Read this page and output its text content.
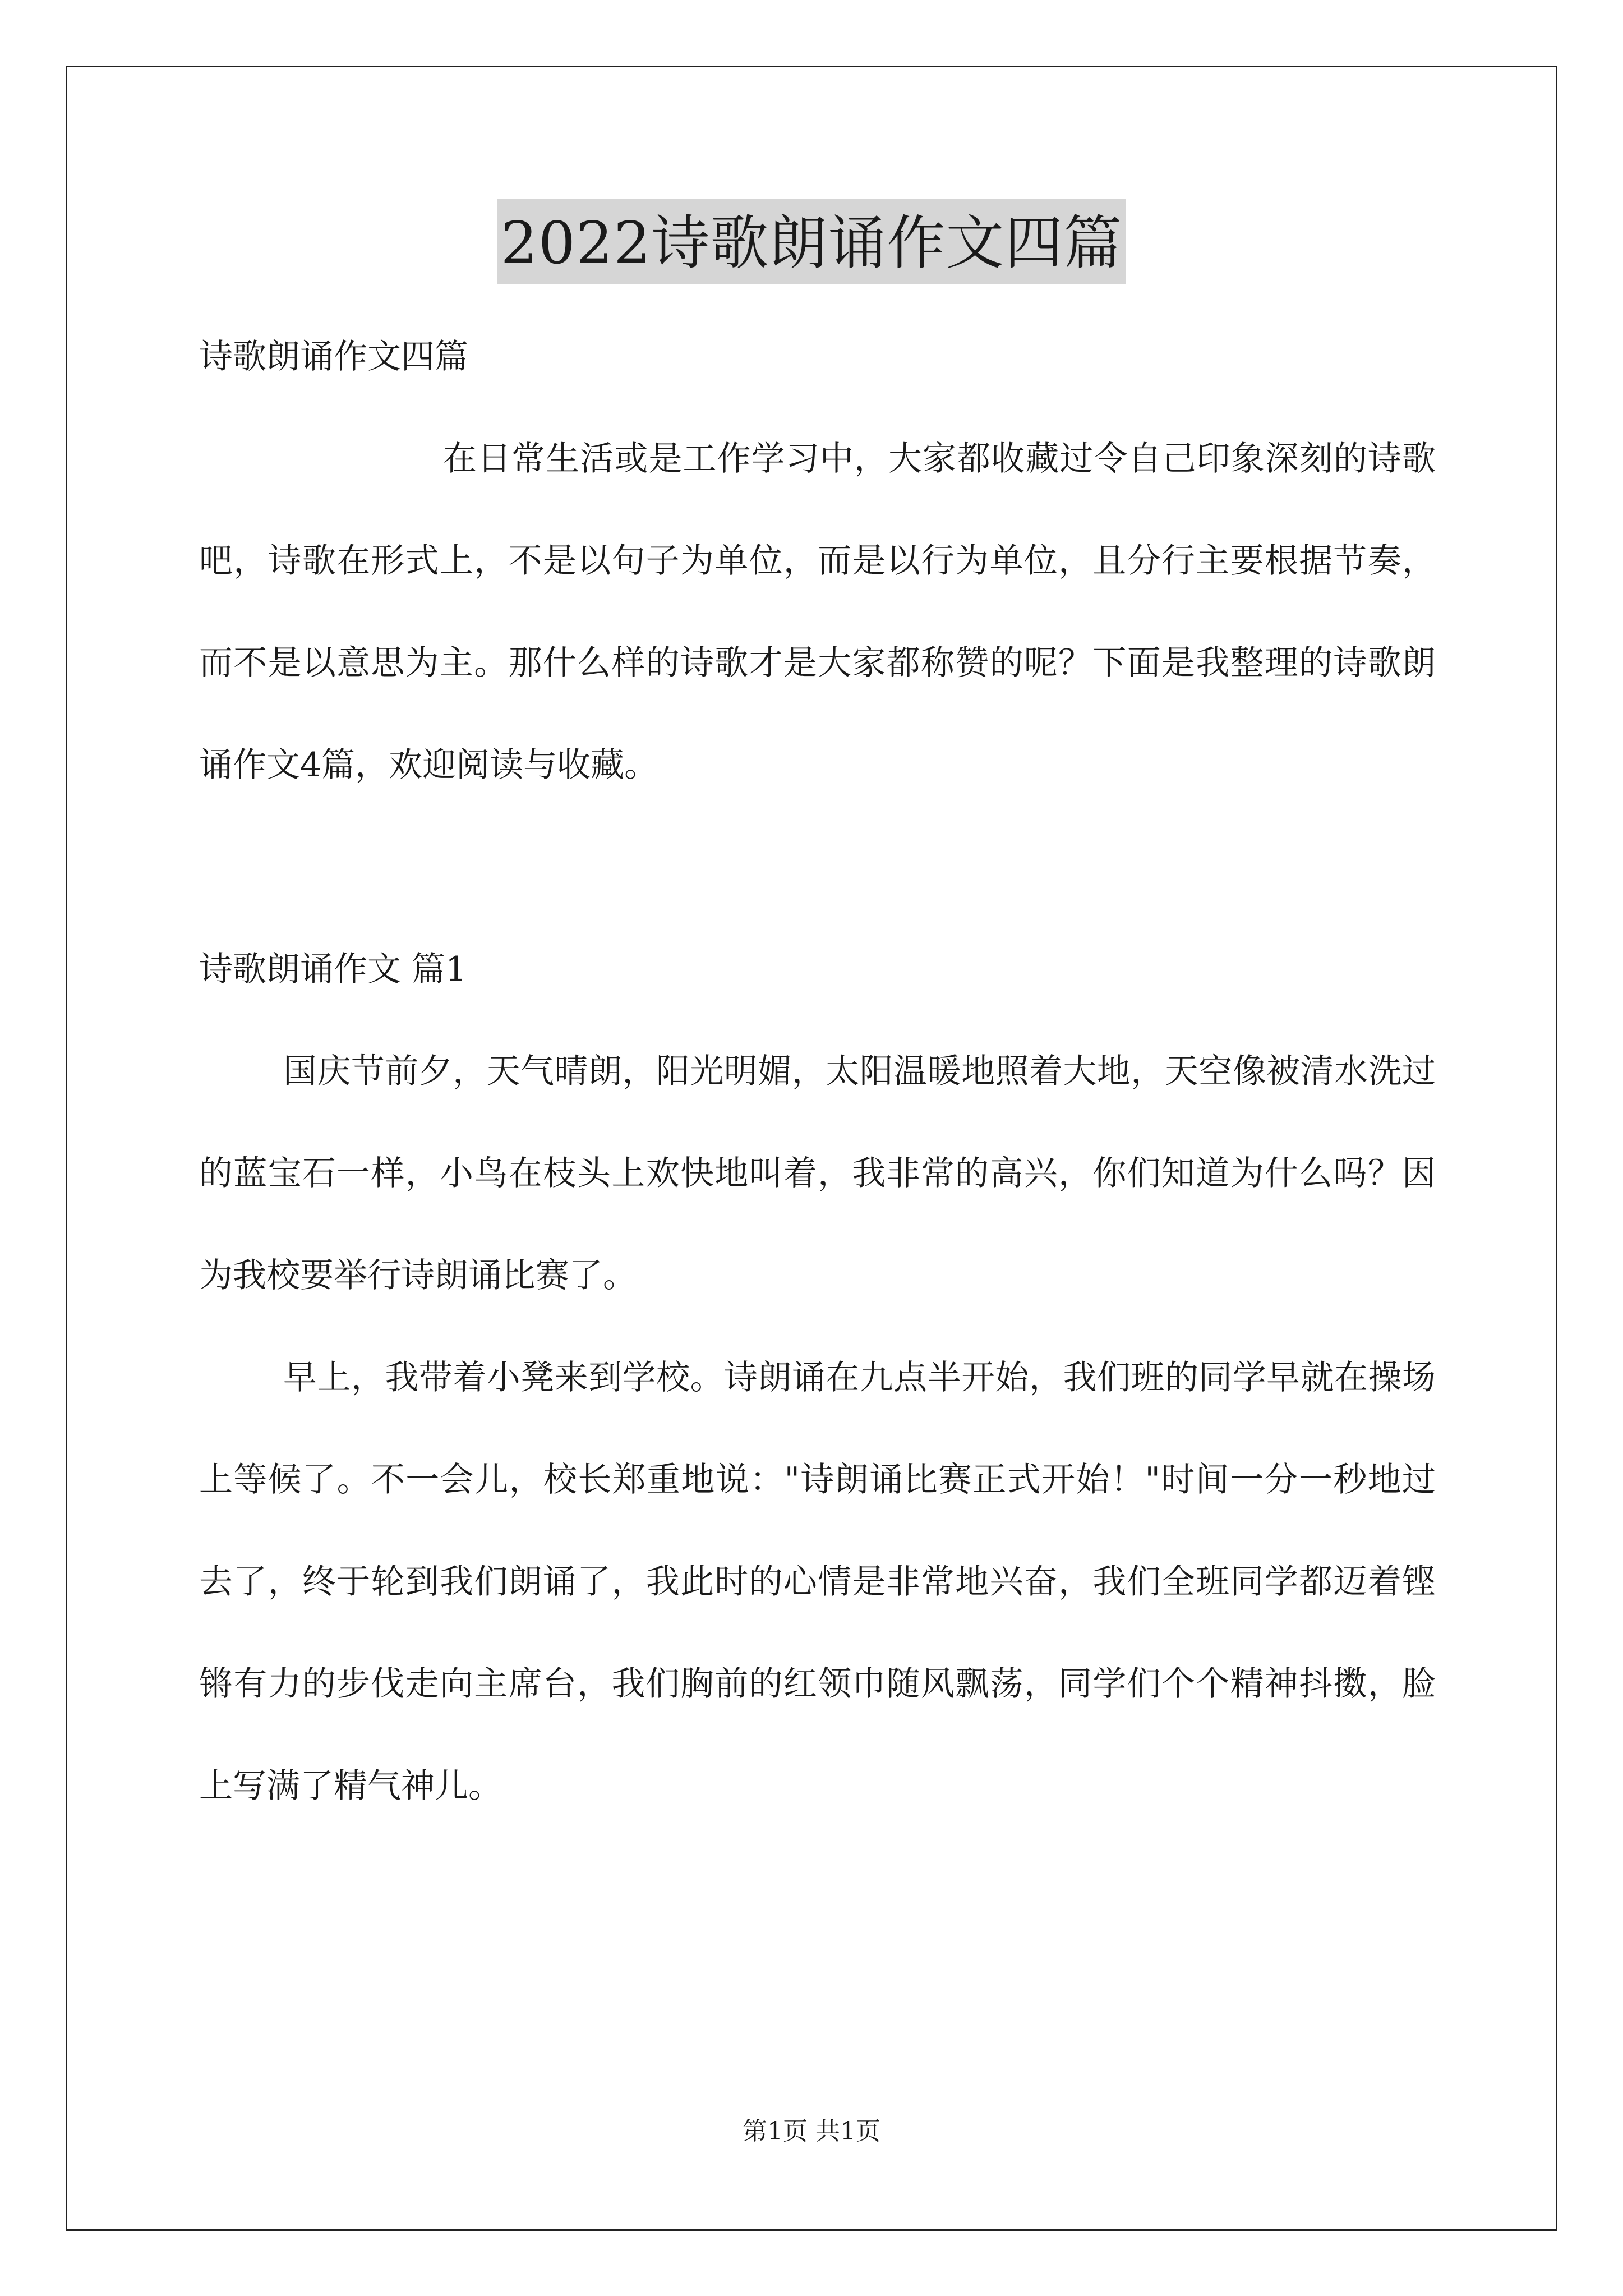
2022诗歌朗诵作文四篇

诗歌朗诵作文四篇

在日常生活或是工作学习中，大家都收藏过令自己印象深刻的诗歌吧，诗歌在形式上，不是以句子为单位，而是以行为单位，且分行主要根据节奏，而不是以意思为主。那什么样的诗歌才是大家都称赞的呢？下面是我整理的诗歌朗诵作文4篇，欢迎阅读与收藏。

诗歌朗诵作文 篇1

国庆节前夕，天气晴朗，阳光明媚，太阳温暖地照着大地，天空像被清水洗过的蓝宝石一样，小鸟在枝头上欢快地叫着，我非常的高兴，你们知道为什么吗？因为我校要举行诗朗诵比赛了。

早上，我带着小凳来到学校。诗朗诵在九点半开始，我们班的同学早就在操场上等候了。不一会儿，校长郑重地说："诗朗诵比赛正式开始！"时间一分一秒地过去了，终于轮到我们朗诵了，我此时的心情是非常地兴奋，我们全班同学都迈着铿锵有力的步伐走向主席台，我们胸前的红领巾随风飘荡，同学们个个精神抖擞，脸上写满了精气神儿。

第1页 共1页
